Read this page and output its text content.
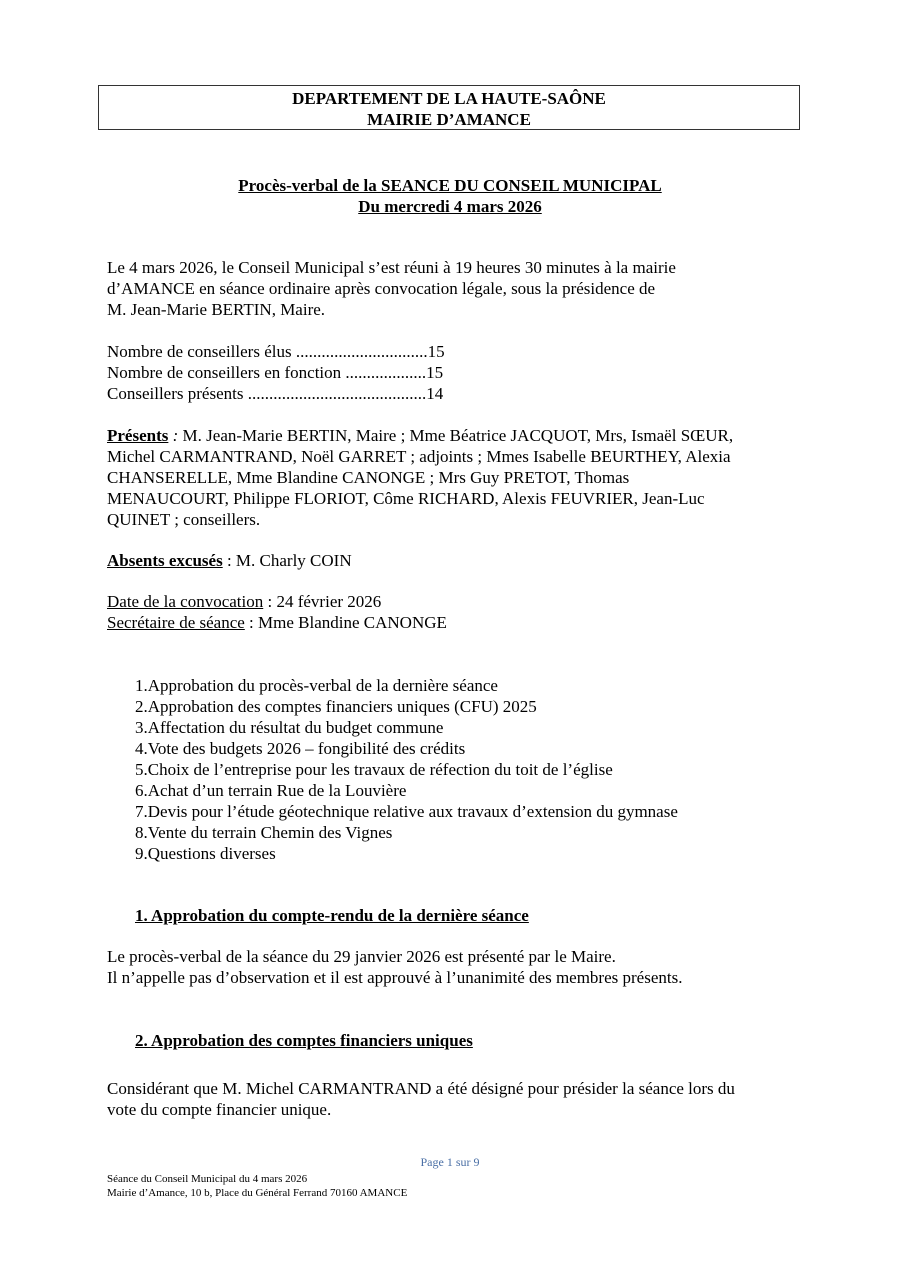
DEPARTEMENT DE LA HAUTE-SAÔNE
MAIRIE D’AMANCE
Procès-verbal de la SEANCE DU CONSEIL MUNICIPAL
Du mercredi 4 mars 2026

Le 4 mars 2026, le Conseil Municipal s’est réuni à 19 heures 30 minutes à la mairie

d’AMANCE en séance ordinaire après convocation légale, sous la présidence de

M. Jean-Marie BERTIN, Maire.

Nombre de conseillers élus ...............................15

Nombre de conseillers en fonction ...................15

Conseillers présents ..........................................14

Présents : M. Jean-Marie BERTIN, Maire ; Mme Béatrice JACQUOT, Mrs, Ismaël SŒUR,

Michel CARMANTRAND, Noël GARRET ; adjoints ; Mmes Isabelle BEURTHEY, Alexia

CHANSERELLE, Mme Blandine CANONGE ; Mrs Guy PRETOT, Thomas

MENAUCOURT, Philippe FLORIOT, Côme RICHARD, Alexis FEUVRIER, Jean-Luc

QUINET ; conseillers.

Absents excusés : M. Charly COIN

Date de la convocation : 24 février 2026

Secrétaire de séance : Mme Blandine CANONGE

1.Approbation du procès-verbal de la dernière séance
2.Approbation des comptes financiers uniques (CFU) 2025
3.Affectation du résultat du budget commune
4.Vote des budgets 2026 – fongibilité des crédits
5.Choix de l’entreprise pour les travaux de réfection du toit de l’église
6.Achat d’un terrain Rue de la Louvière
7.Devis pour l’étude géotechnique relative aux travaux d’extension du gymnase
8.Vente du terrain Chemin des Vignes
9.Questions diverses
1. Approbation du compte-rendu de la dernière séance

Le procès-verbal de la séance du 29 janvier 2026 est présenté par le Maire.

Il n’appelle pas d’observation et il est approuvé à l’unanimité des membres présents.

2. Approbation des comptes financiers uniques

Considérant que M. Michel CARMANTRAND a été désigné pour présider la séance lors du

vote du compte financier unique.

Page 1 sur 9
Séance du Conseil Municipal du 4 mars 2026
Mairie d’Amance, 10 b, Place du Général Ferrand 70160 AMANCE
